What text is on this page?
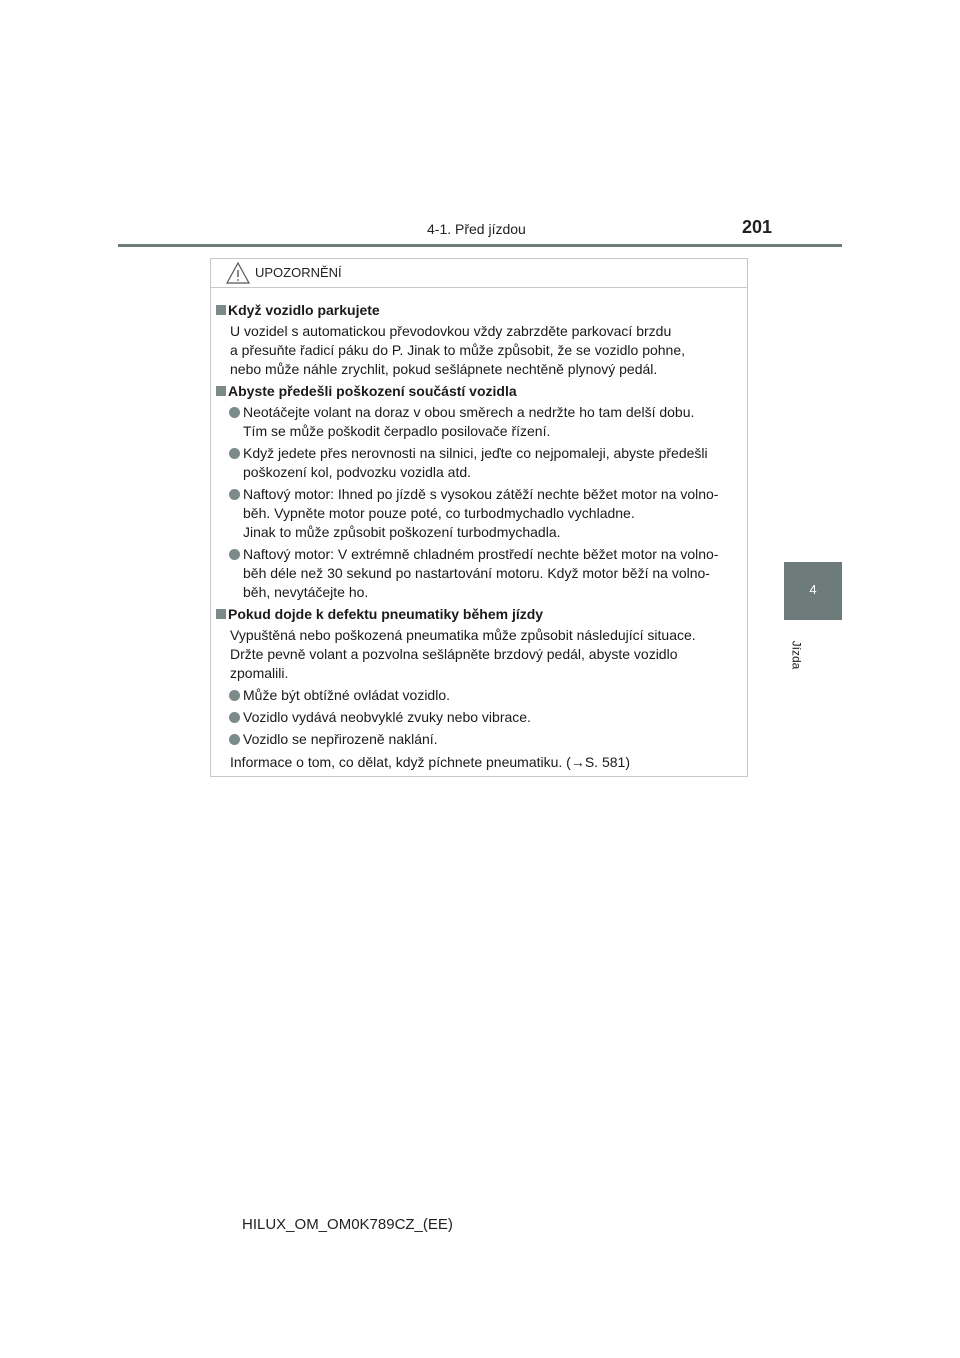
4-1. Před jízdou	201
4
Jízda
UPOZORNĚNÍ
Když vozidlo parkujete
U vozidel s automatickou převodovkou vždy zabrzděte parkovací brzdu
a přesuňte řadicí páku do P. Jinak to může způsobit, že se vozidlo pohne,
nebo může náhle zrychlit, pokud sešlápnete nechtěně plynový pedál.
Abyste předešli poškození součástí vozidla
Neotáčejte volant na doraz v obou směrech a nedržte ho tam delší dobu.
Tím se může poškodit čerpadlo posilovače řízení.
Když jedete přes nerovnosti na silnici, jeďte co nejpomaleji, abyste předešli
poškození kol, podvozku vozidla atd.
Naftový motor: Ihned po jízdě s vysokou zátěží nechte běžet motor na volno-
běh. Vypněte motor pouze poté, co turbodmychadlo vychladne.
Jinak to může způsobit poškození turbodmychadla.
Naftový motor: V extrémně chladném prostředí nechte běžet motor na volno-
běh déle než 30 sekund po nastartování motoru. Když motor běží na volno-
běh, nevytáčejte ho.
Pokud dojde k defektu pneumatiky během jízdy
Vypuštěná nebo poškozená pneumatika může způsobit následující situace.
Držte pevně volant a pozvolna sešlápněte brzdový pedál, abyste vozidlo
zpomalili.
Může být obtížné ovládat vozidlo.
Vozidlo vydává neobvyklé zvuky nebo vibrace.
Vozidlo se nepřirozeně naklání.
Informace o tom, co dělat, když píchnete pneumatiku. (→S. 581)
HILUX_OM_OM0K789CZ_(EE)
